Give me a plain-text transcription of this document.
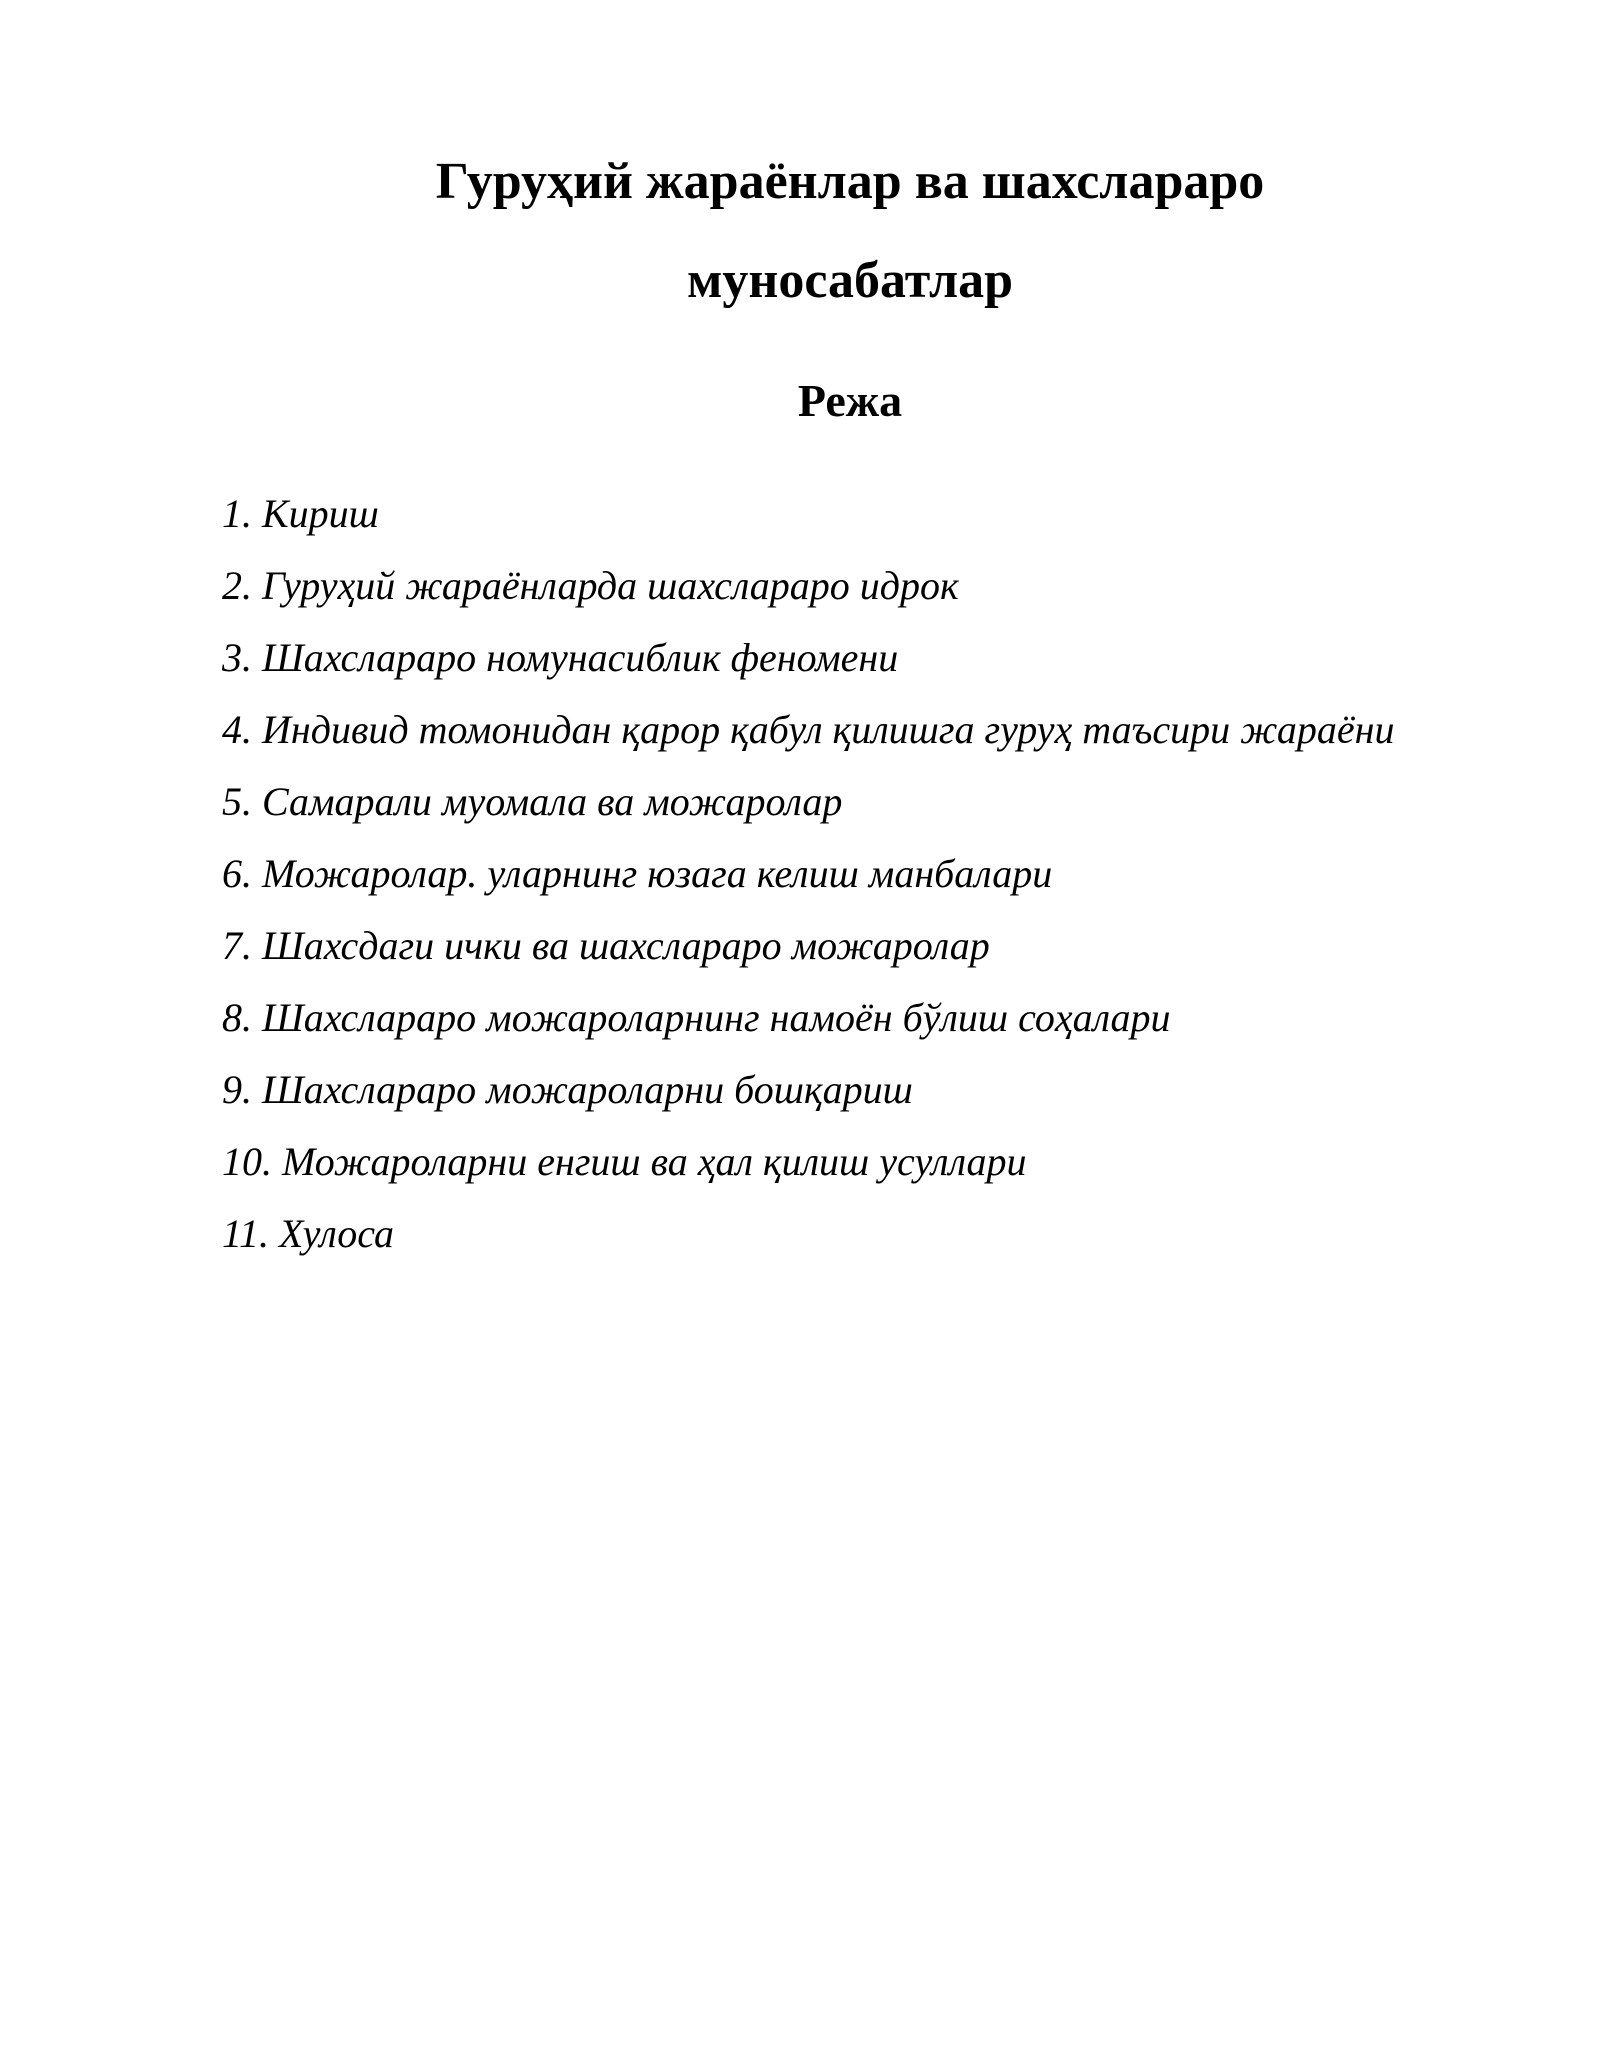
Гуруҳий жараёнлар ва шахслараро
муносабатлар
Режа
1. Кириш
2. Гуруҳий жараёнларда шахслараро идрок
3. Шахслараро номунасиблик феномени
4. Индивид томонидан қарор қабул қилишга гуруҳ таъсири жараёни
5. Самарали муомала ва можаролар
6. Можаролар. уларнинг юзага келиш манбалари
7. Шахсдаги ички ва шахслараро можаролар
8. Шахслараро можароларнинг намоён бўлиш соҳалари
9. Шахслараро можароларни бошқариш
10. Можароларни енгиш ва ҳал қилиш усуллари
11. Хулоса
